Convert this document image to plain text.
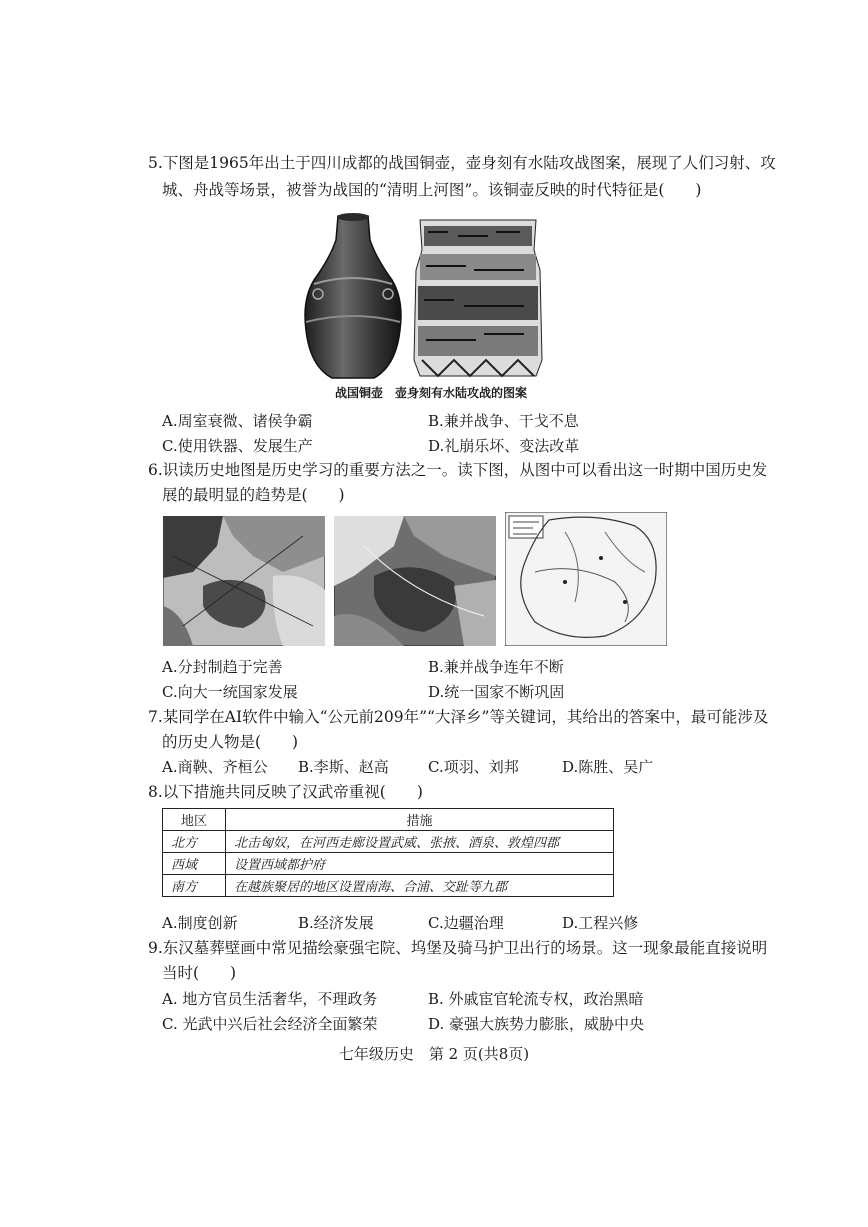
5.下图是1965年出土于四川成都的战国铜壶，壶身刻有水陆攻战图案，展现了人们习射、攻
城、舟战等场景，被誉为战国的“清明上河图”。该铜壶反映的时代特征是(　　)
战国铜壶　壶身刻有水陆攻战的图案
A.周室衰微、诸侯争霸	B.兼并战争、干戈不息
C.使用铁器、发展生产	D.礼崩乐坏、变法改革
6.识读历史地图是历史学习的重要方法之一。读下图，从图中可以看出这一时期中国历史发
展的最明显的趋势是(　　)
A.分封制趋于完善	B.兼并战争连年不断
C.向大一统国家发展	D.统一国家不断巩固
7.某同学在AI软件中输入“公元前209年”“大泽乡”等关键词，其给出的答案中，最可能涉及
的历史人物是(　　)
A.商鞅、齐桓公 B.李斯、赵高	C.项羽、刘邦	D.陈胜、吴广
8.以下措施共同反映了汉武帝重视(　　)
地区	措施
北方	北击匈奴，在河西走廊设置武威、张掖、酒泉、敦煌四郡
西域	设置西域都护府
南方	在越族聚居的地区设置南海、合浦、交趾等九郡
A.制度创新	B.经济发展	C.边疆治理	D.工程兴修
9.东汉墓葬壁画中常见描绘豪强宅院、坞堡及骑马护卫出行的场景。这一现象最能直接说明
当时(　　)
A. 地方官员生活奢华，不理政务	B. 外戚宦官轮流专权，政治黑暗
C. 光武中兴后社会经济全面繁荣	D. 豪强大族势力膨胀，威胁中央
七年级历史　第 2 页(共8页)
